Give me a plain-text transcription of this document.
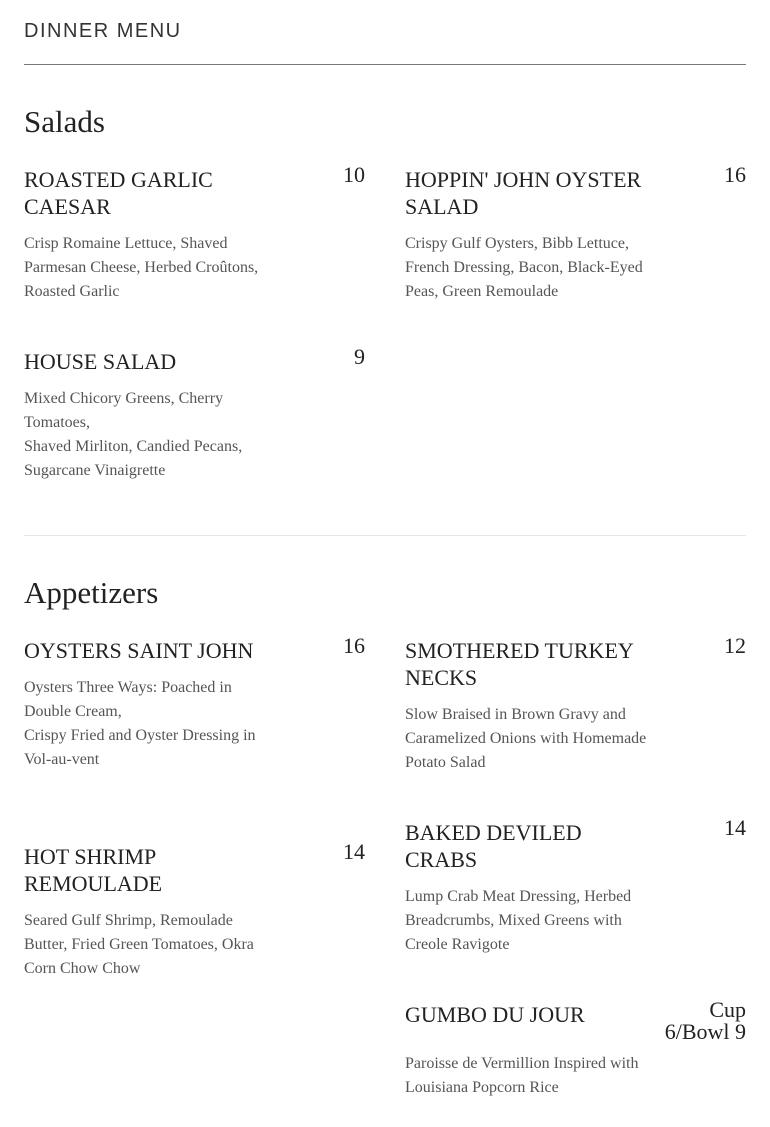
DINNER MENU
Salads
ROASTED GARLIC CAESAR
10
Crisp Romaine Lettuce, Shaved Parmesan Cheese, Herbed Croûtons, Roasted Garlic
HOPPIN' JOHN OYSTER SALAD
16
Crispy Gulf Oysters, Bibb Lettuce, French Dressing, Bacon, Black-Eyed Peas, Green Remoulade
HOUSE SALAD	9
Mixed Chicory Greens, Cherry Tomatoes,
Shaved Mirliton, Candied Pecans, Sugarcane Vinaigrette
Appetizers
OYSTERS SAINT JOHN	16
Oysters Three Ways: Poached in Double Cream,
Crispy Fried and Oyster Dressing in Vol-au-vent
SMOTHERED TURKEY NECKS
12
Slow Braised in Brown Gravy and Caramelized Onions with Homemade Potato Salad
HOT SHRIMP REMOULADE
14
Seared Gulf Shrimp, Remoulade Butter, Fried Green Tomatoes, Okra Corn Chow Chow
BAKED DEVILED CRABS
14
Lump Crab Meat Dressing, Herbed Breadcrumbs, Mixed Greens with Creole Ravigote
GUMBO DU JOUR	Cup 6/Bowl 9
Paroisse de Vermillion Inspired with Louisiana Popcorn Rice
